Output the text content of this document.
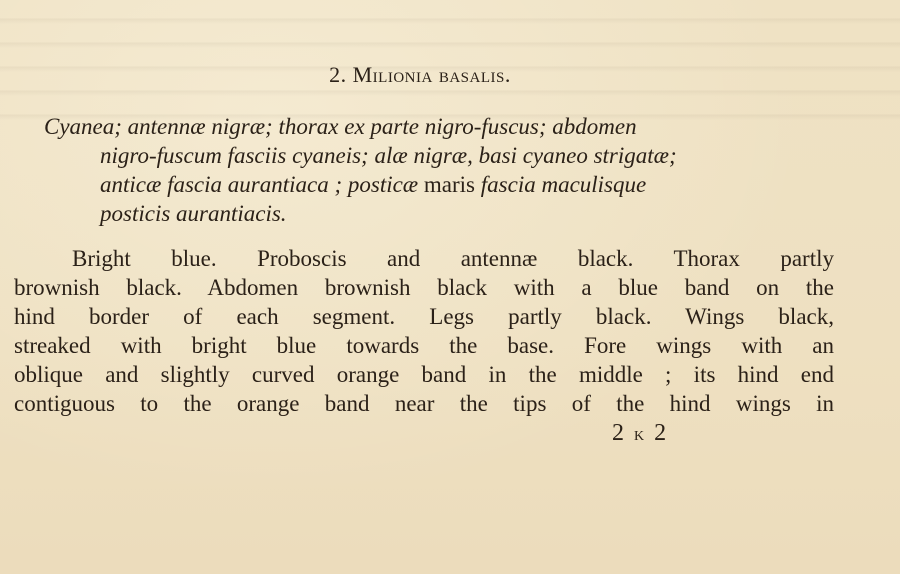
2. Milionia basalis.
Cyanea; antennæ nigræ; thorax ex parte nigro-fuscus; abdomen
nigro-fuscum fasciis cyaneis; alæ nigræ, basi cyaneo strigatæ;
anticæ fascia aurantiaca ; posticæ maris fascia maculisque
posticis aurantiacis.
Bright blue. Proboscis and antennæ black. Thorax partly
brownish black. Abdomen brownish black with a blue band on the
hind border of each segment. Legs partly black. Wings black,
streaked with bright blue towards the base. Fore wings with an
oblique and slightly curved orange band in the middle ; its hind end
contiguous to the orange band near the tips of the hind wings in
2 k 2
